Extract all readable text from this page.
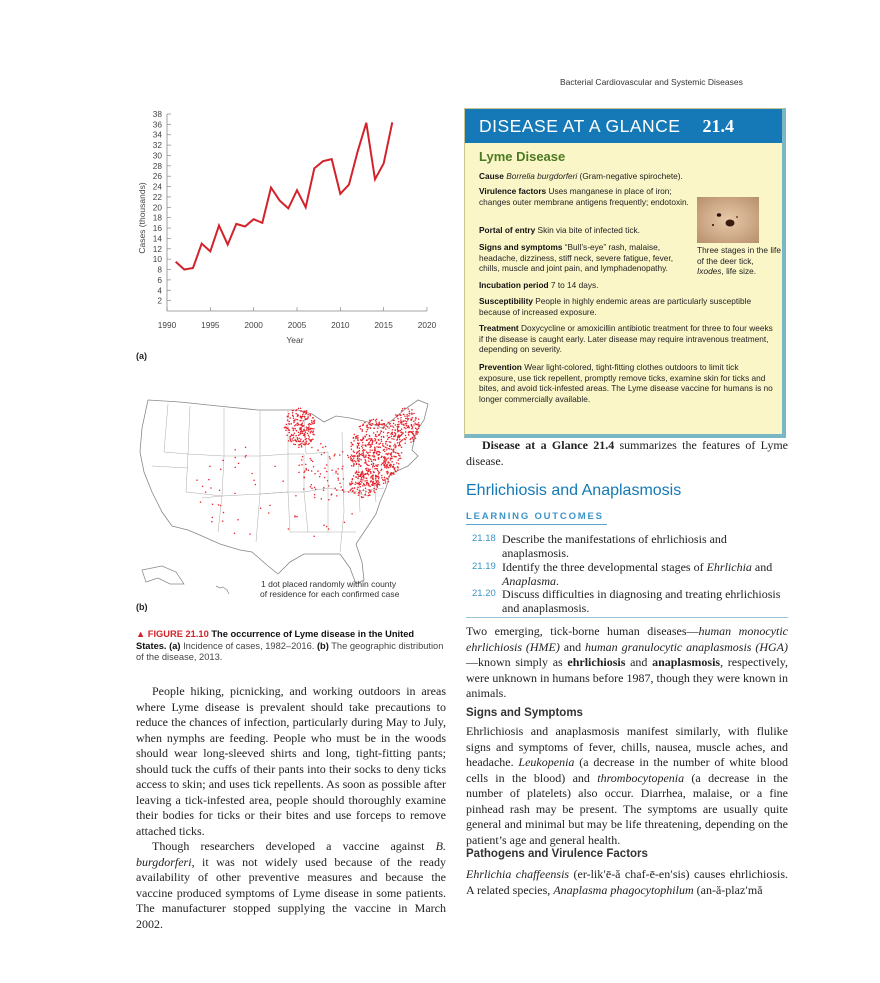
Bacterial Cardiovascular and Systemic Diseases
2
4
6
8
10
12
14
16
18
20
22
24
26
28
30
32
34
36
38
1990	1995	2000	2005	2010	2015	2020
Year
Cases (thousands)
(a)
1 dot placed randomly within county
of residence for each confirmed case
(b)
▲ FIGURE 21.10 The occurrence of Lyme disease in the United States. (a) Incidence of cases, 1982–2016. (b) The geographic distribution of the disease, 2013.

People hiking, picnicking, and working outdoors in areas where Lyme disease is prevalent should take precautions to reduce the chances of infection, particularly during May to July, when nymphs are feeding. People who must be in the woods should wear long-sleeved shirts and long, tight-fitting pants; should tuck the cuffs of their pants into their socks to deny ticks access to skin; and uses tick repellents. As soon as possible after leaving a tick-infested area, people should thoroughly examine their bodies for ticks or their bites and use forceps to remove attached ticks.

Though researchers developed a vaccine against B. burgdorferi, it was not widely used because of the ready availability of other preventive measures and because the vaccine produced symptoms of Lyme disease in some patients. The manufacturer stopped supplying the vaccine in March 2002.

DISEASE AT A GLANCE 21.4
Lyme Disease
Cause Borrelia burgdorferi (Gram-negative spirochete).
Virulence factors Uses manganese in place of iron; changes outer membrane antigens frequently; endotoxin.
Portal of entry Skin via bite of infected tick.
Signs and symptoms “Bull’s-eye” rash, malaise, headache, dizziness, stiff neck, severe fatigue, fever, chills, muscle and joint pain, and lymphadenopathy.
Incubation period 7 to 14 days.
Susceptibility People in highly endemic areas are particularly susceptible because of increased exposure.
Treatment Doxycycline or amoxicillin antibiotic treatment for three to four weeks if the disease is caught early. Later disease may require intravenous treatment, depending on severity.
Prevention Wear light-colored, tight-fitting clothes outdoors to limit tick exposure, use tick repellent, promptly remove ticks, examine skin for ticks and bites, and avoid tick-infested areas. The Lyme disease vaccine for humans is no longer commercially available.
Three stages in the life of the deer tick, Ixodes, life size.

Disease at a Glance 21.4 summarizes the features of Lyme disease.

Ehrlichiosis and Anaplasmosis
LEARNING OUTCOMES
21.18 Describe the manifestations of ehrlichiosis and anaplasmosis.
21.19 Identify the three developmental stages of Ehrlichia and Anaplasma.
21.20 Discuss difficulties in diagnosing and treating ehrlichiosis and anaplasmosis.

Two emerging, tick-borne human diseases—human monocytic ehrlichiosis (HME) and human granulocytic anaplasmosis (HGA)—known simply as ehrlichiosis and anaplasmosis, respectively, were unknown in humans before 1987, though they were known in animals.

Signs and Symptoms

Ehrlichiosis and anaplasmosis manifest similarly, with flulike signs and symptoms of fever, chills, nausea, muscle aches, and headache. Leukopenia (a decrease in the number of white blood cells in the blood) and thrombocytopenia (a decrease in the number of platelets) also occur. Diarrhea, malaise, or a fine pinhead rash may be present. The symptoms are usually quite general and minimal but may be life threatening, depending on the patient’s age and general health.

Pathogens and Virulence Factors

Ehrlichia chaffeensis (er-lik′ē-ă chaf-ē-en′sis) causes ehrlichiosis. A related species, Anaplasma phagocytophilum (an-ă-plaz′mă
